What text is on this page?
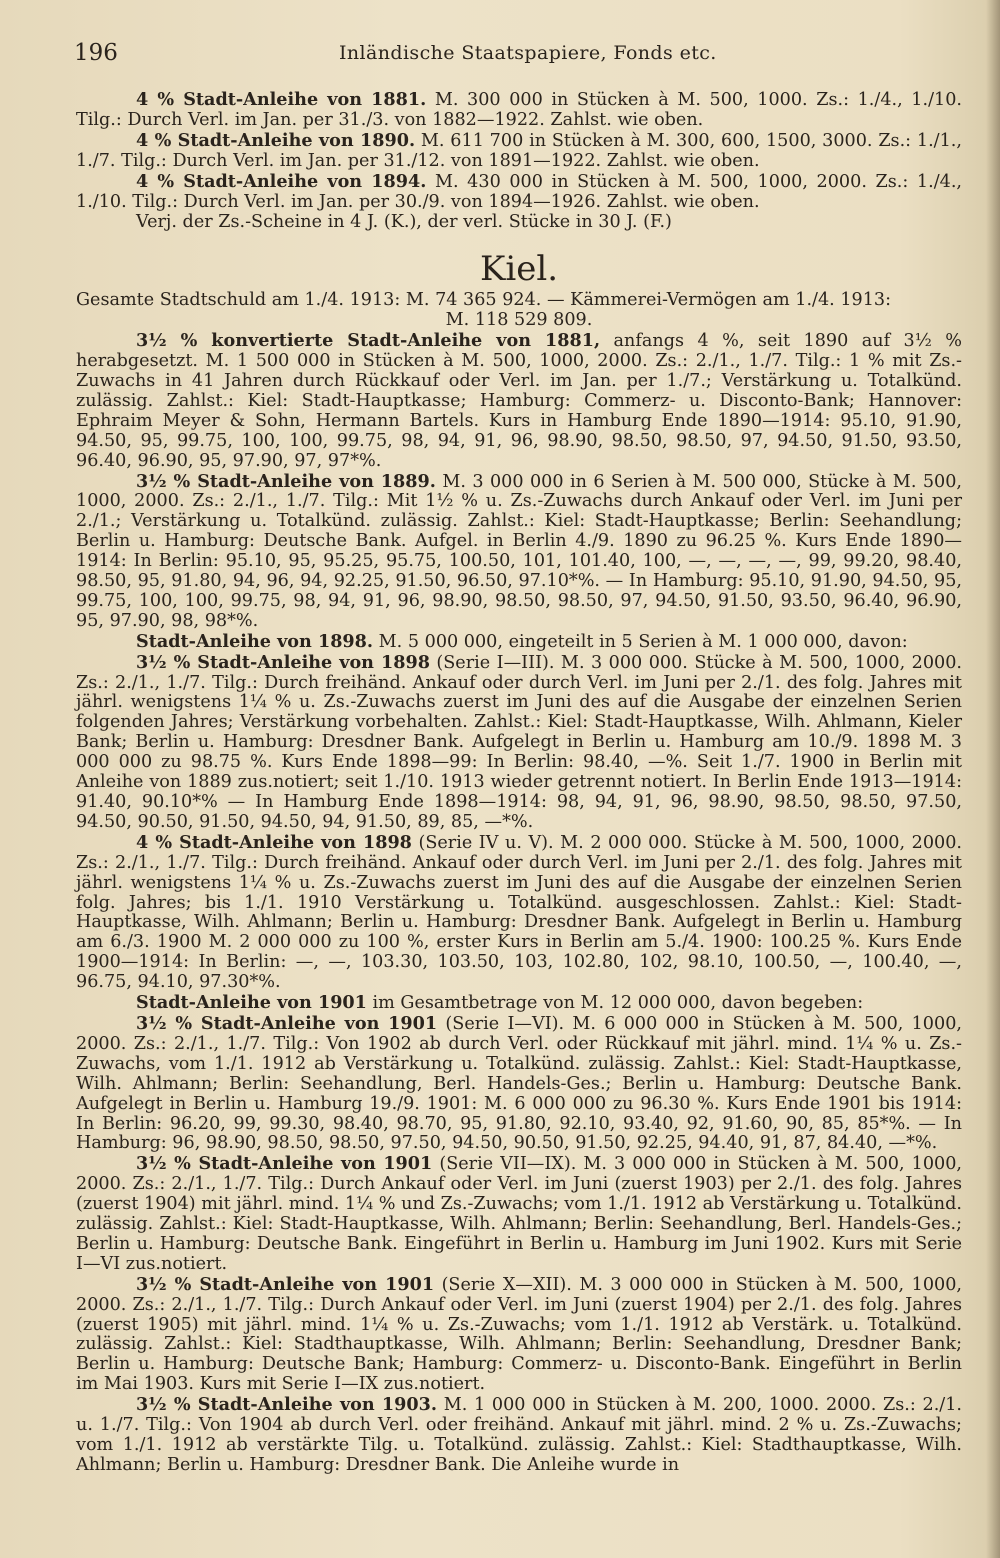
196	Inländische Staatspapiere, Fonds etc.

4 % Stadt-Anleihe von 1881. M. 300 000 in Stücken à M. 500, 1000. Zs.: 1./4., 1./10. Tilg.: Durch Verl. im Jan. per 31./3. von 1882—1922. Zahlst. wie oben.

4 % Stadt-Anleihe von 1890. M. 611 700 in Stücken à M. 300, 600, 1500, 3000. Zs.: 1./1., 1./7. Tilg.: Durch Verl. im Jan. per 31./12. von 1891—1922. Zahlst. wie oben.

4 % Stadt-Anleihe von 1894. M. 430 000 in Stücken à M. 500, 1000, 2000. Zs.: 1./4., 1./10. Tilg.: Durch Verl. im Jan. per 30./9. von 1894—1926. Zahlst. wie oben.

Verj. der Zs.-Scheine in 4 J. (K.), der verl. Stücke in 30 J. (F.)

Kiel.

Gesamte Stadtschuld am 1./4. 1913: M. 74 365 924. — Kämmerei-Vermögen am 1./4. 1913:

M. 118 529 809.

3½ % konvertierte Stadt-Anleihe von 1881, anfangs 4 %, seit 1890 auf 3½ % herabgesetzt. M. 1 500 000 in Stücken à M. 500, 1000, 2000. Zs.: 2./1., 1./7. Tilg.: 1 % mit Zs.-Zuwachs in 41 Jahren durch Rückkauf oder Verl. im Jan. per 1./7.; Verstärkung u. Totalkünd. zulässig. Zahlst.: Kiel: Stadt-Hauptkasse; Hamburg: Commerz- u. Disconto-Bank; Hannover: Ephraim Meyer & Sohn, Hermann Bartels. Kurs in Hamburg Ende 1890—1914: 95.10, 91.90, 94.50, 95, 99.75, 100, 100, 99.75, 98, 94, 91, 96, 98.90, 98.50, 98.50, 97, 94.50, 91.50, 93.50, 96.40, 96.90, 95, 97.90, 97, 97*%.

3½ % Stadt-Anleihe von 1889. M. 3 000 000 in 6 Serien à M. 500 000, Stücke à M. 500, 1000, 2000. Zs.: 2./1., 1./7. Tilg.: Mit 1½ % u. Zs.-Zuwachs durch Ankauf oder Verl. im Juni per 2./1.; Verstärkung u. Totalkünd. zulässig. Zahlst.: Kiel: Stadt-Hauptkasse; Berlin: Seehandlung; Berlin u. Hamburg: Deutsche Bank. Aufgel. in Berlin 4./9. 1890 zu 96.25 %. Kurs Ende 1890—1914: In Berlin: 95.10, 95, 95.25, 95.75, 100.50, 101, 101.40, 100, —, —, —, —, 99, 99.20, 98.40, 98.50, 95, 91.80, 94, 96, 94, 92.25, 91.50, 96.50, 97.10*%. — In Hamburg: 95.10, 91.90, 94.50, 95, 99.75, 100, 100, 99.75, 98, 94, 91, 96, 98.90, 98.50, 98.50, 97, 94.50, 91.50, 93.50, 96.40, 96.90, 95, 97.90, 98, 98*%.

Stadt-Anleihe von 1898. M. 5 000 000, eingeteilt in 5 Serien à M. 1 000 000, davon:

3½ % Stadt-Anleihe von 1898 (Serie I—III). M. 3 000 000. Stücke à M. 500, 1000, 2000. Zs.: 2./1., 1./7. Tilg.: Durch freihänd. Ankauf oder durch Verl. im Juni per 2./1. des folg. Jahres mit jährl. wenigstens 1¼ % u. Zs.-Zuwachs zuerst im Juni des auf die Ausgabe der einzelnen Serien folgenden Jahres; Verstärkung vorbehalten. Zahlst.: Kiel: Stadt-Hauptkasse, Wilh. Ahlmann, Kieler Bank; Berlin u. Hamburg: Dresdner Bank. Aufgelegt in Berlin u. Hamburg am 10./9. 1898 M. 3 000 000 zu 98.75 %. Kurs Ende 1898—99: In Berlin: 98.40, —%. Seit 1./7. 1900 in Berlin mit Anleihe von 1889 zus.notiert; seit 1./10. 1913 wieder getrennt notiert. In Berlin Ende 1913—1914: 91.40, 90.10*% — In Hamburg Ende 1898—1914: 98, 94, 91, 96, 98.90, 98.50, 98.50, 97.50, 94.50, 90.50, 91.50, 94.50, 94, 91.50, 89, 85, —*%.

4 % Stadt-Anleihe von 1898 (Serie IV u. V). M. 2 000 000. Stücke à M. 500, 1000, 2000. Zs.: 2./1., 1./7. Tilg.: Durch freihänd. Ankauf oder durch Verl. im Juni per 2./1. des folg. Jahres mit jährl. wenigstens 1¼ % u. Zs.-Zuwachs zuerst im Juni des auf die Ausgabe der einzelnen Serien folg. Jahres; bis 1./1. 1910 Verstärkung u. Totalkünd. ausgeschlossen. Zahlst.: Kiel: Stadt-Hauptkasse, Wilh. Ahlmann; Berlin u. Hamburg: Dresdner Bank. Aufgelegt in Berlin u. Hamburg am 6./3. 1900 M. 2 000 000 zu 100 %, erster Kurs in Berlin am 5./4. 1900: 100.25 %. Kurs Ende 1900—1914: In Berlin: —, —, 103.30, 103.50, 103, 102.80, 102, 98.10, 100.50, —, 100.40, —, 96.75, 94.10, 97.30*%.

Stadt-Anleihe von 1901 im Gesamtbetrage von M. 12 000 000, davon begeben:

3½ % Stadt-Anleihe von 1901 (Serie I—VI). M. 6 000 000 in Stücken à M. 500, 1000, 2000. Zs.: 2./1., 1./7. Tilg.: Von 1902 ab durch Verl. oder Rückkauf mit jährl. mind. 1¼ % u. Zs.-Zuwachs, vom 1./1. 1912 ab Verstärkung u. Totalkünd. zulässig. Zahlst.: Kiel: Stadt-Hauptkasse, Wilh. Ahlmann; Berlin: Seehandlung, Berl. Handels-Ges.; Berlin u. Hamburg: Deutsche Bank. Aufgelegt in Berlin u. Hamburg 19./9. 1901: M. 6 000 000 zu 96.30 %. Kurs Ende 1901 bis 1914: In Berlin: 96.20, 99, 99.30, 98.40, 98.70, 95, 91.80, 92.10, 93.40, 92, 91.60, 90, 85, 85*%. — In Hamburg: 96, 98.90, 98.50, 98.50, 97.50, 94.50, 90.50, 91.50, 92.25, 94.40, 91, 87, 84.40, —*%.

3½ % Stadt-Anleihe von 1901 (Serie VII—IX). M. 3 000 000 in Stücken à M. 500, 1000, 2000. Zs.: 2./1., 1./7. Tilg.: Durch Ankauf oder Verl. im Juni (zuerst 1903) per 2./1. des folg. Jahres (zuerst 1904) mit jährl. mind. 1¼ % und Zs.-Zuwachs; vom 1./1. 1912 ab Verstärkung u. Totalkünd. zulässig. Zahlst.: Kiel: Stadt-Hauptkasse, Wilh. Ahlmann; Berlin: Seehandlung, Berl. Handels-Ges.; Berlin u. Hamburg: Deutsche Bank. Eingeführt in Berlin u. Hamburg im Juni 1902. Kurs mit Serie I—VI zus.notiert.

3½ % Stadt-Anleihe von 1901 (Serie X—XII). M. 3 000 000 in Stücken à M. 500, 1000, 2000. Zs.: 2./1., 1./7. Tilg.: Durch Ankauf oder Verl. im Juni (zuerst 1904) per 2./1. des folg. Jahres (zuerst 1905) mit jährl. mind. 1¼ % u. Zs.-Zuwachs; vom 1./1. 1912 ab Verstärk. u. Totalkünd. zulässig. Zahlst.: Kiel: Stadthauptkasse, Wilh. Ahlmann; Berlin: Seehandlung, Dresdner Bank; Berlin u. Hamburg: Deutsche Bank; Hamburg: Commerz- u. Disconto-Bank. Eingeführt in Berlin im Mai 1903. Kurs mit Serie I—IX zus.notiert.

3½ % Stadt-Anleihe von 1903. M. 1 000 000 in Stücken à M. 200, 1000. 2000. Zs.: 2./1. u. 1./7. Tilg.: Von 1904 ab durch Verl. oder freihänd. Ankauf mit jährl. mind. 2 % u. Zs.-Zuwachs; vom 1./1. 1912 ab verstärkte Tilg. u. Totalkünd. zulässig. Zahlst.: Kiel: Stadthauptkasse, Wilh. Ahlmann; Berlin u. Hamburg: Dresdner Bank. Die Anleihe wurde in
